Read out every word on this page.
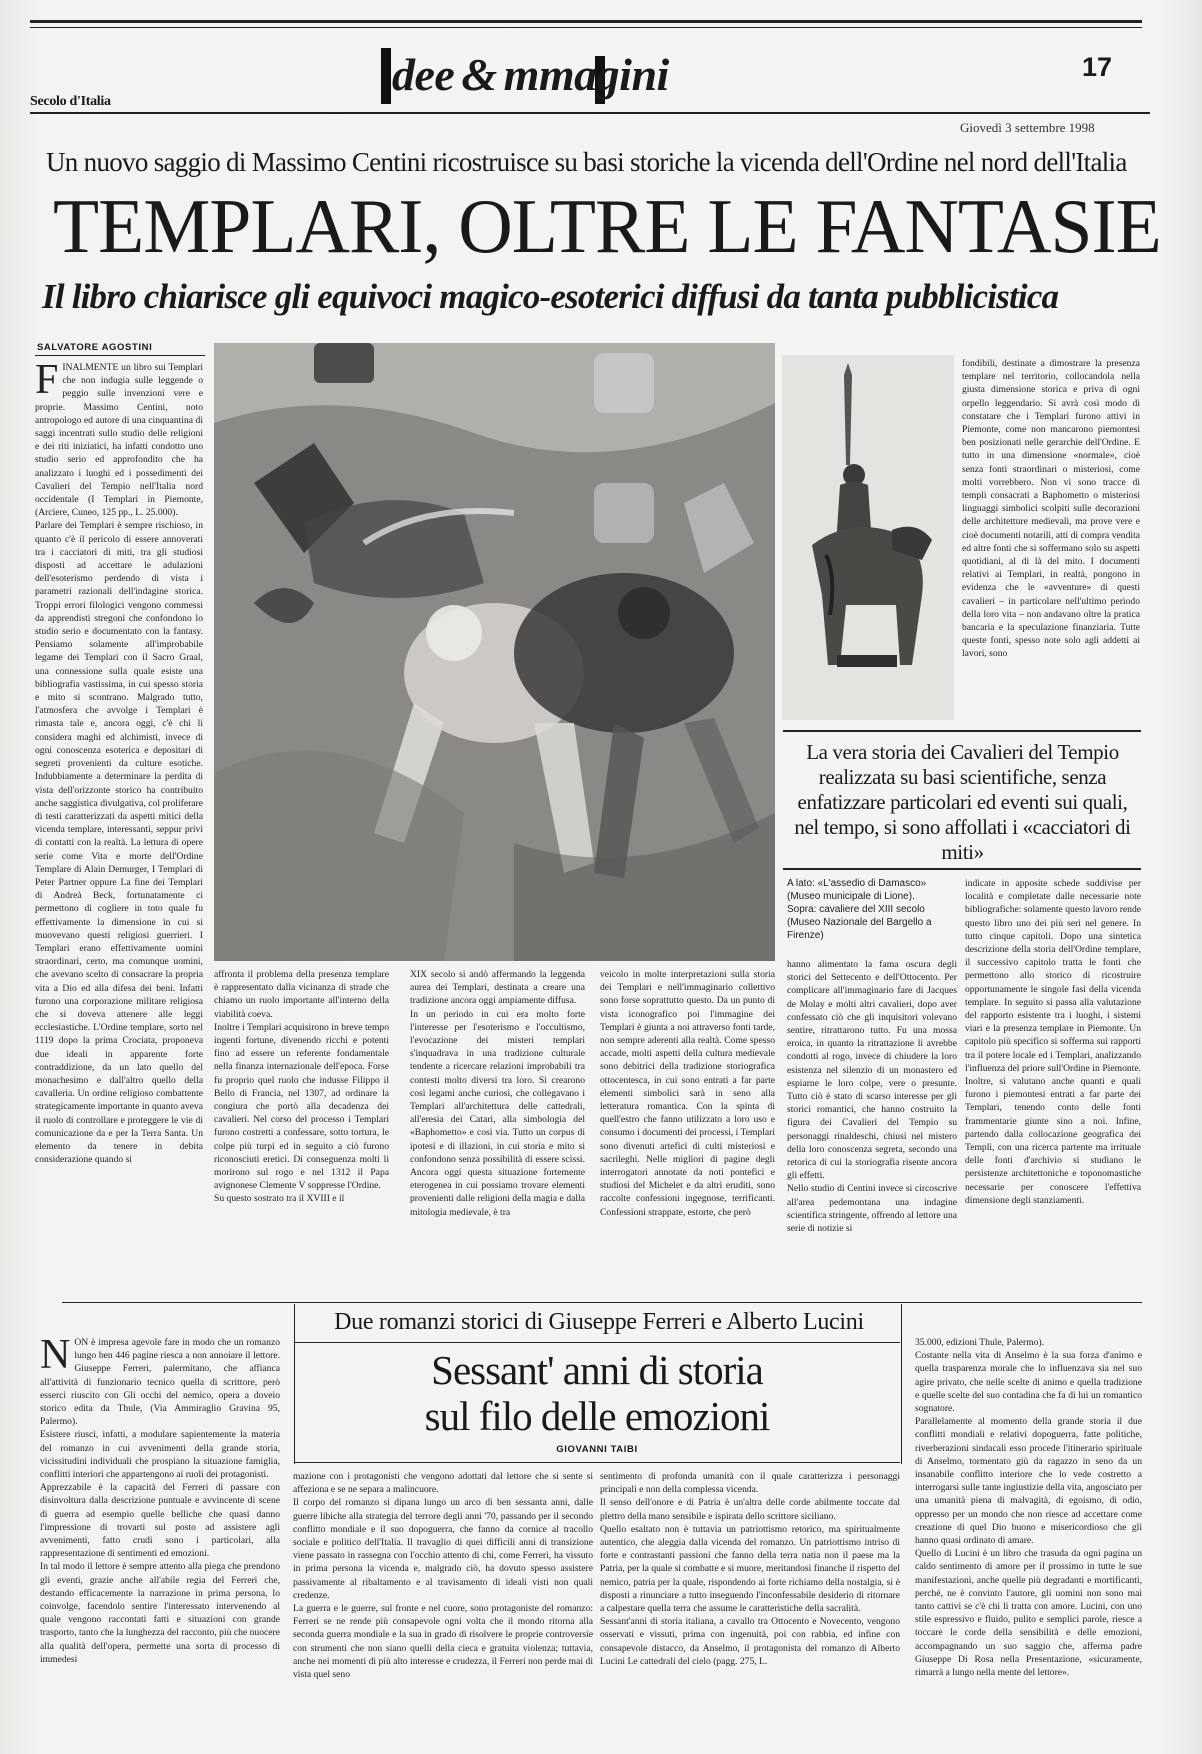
Secolo d'Italia
dee & mmagini	17
Giovedì 3 settembre 1998
Un nuovo saggio di Massimo Centini ricostruisce su basi storiche la vicenda dell'Ordine nel nord dell'Italia
TEMPLARI, OLTRE LE FANTASIE
Il libro chiarisce gli equivoci magico-esoterici diffusi da tanta pubblicistica
SALVATORE AGOSTINI
FINALMENTE un libro sui Templari che non indugia sulle leggende o peggio sulle invenzioni vere e proprie. Massimo Centini, noto antropologo ed autore di una cinquantina di saggi incentrati sullo studio delle religioni e dei riti iniziatici, ha infatti condotto uno studio serio ed approfondito che ha analizzato i luoghi ed i possedimenti dei Cavalieri del Tempio nell'Italia nord occidentale (I Templari in Piemonte, (Arciere, Cuneo, 125 pp., L. 25.000).
Parlare dei Templari è sempre rischioso, in quanto c'è il pericolo di essere annoverati tra i cacciatori di miti, tra gli studiosi disposti ad accettare le adulazioni dell'esoterismo perdendo di vista i parametri razionali dell'indagine storica. Troppi errori filologici vengono commessi da apprendisti stregoni che confondono lo studio serio e documentato con la fantasy. Pensiamo solamente all'improbabile legame dei Templari con il Sacro Graal, una connessione sulla quale esiste una bibliografia vastissima, in cui spesso storia e mito si scontrano. Malgrado tutto, l'atmosfera che avvolge i Templari è rimasta tale e, ancora oggi, c'è chi li considera maghi ed alchimisti, invece di ogni conoscenza esoterica e depositari di segreti provenienti da culture esotiche. Indubbiamente a determinare la perdita di vista dell'orizzonte storico ha contribuito anche saggistica divulgativa, col proliferare di testi caratterizzati da aspetti mitici della vicenda templare, interessanti, seppur privi di contatti con la realtà. La lettura di opere serie come Vita e morte dell'Ordine Templare di Alain Demurger, I Templari di Peter Partner oppure La fine dei Templari di Andreà Beck, fortunatamente ci permettono di cogliere in toto quale fu effettivamente la dimensione in cui si muovevano questi religiosi guerrieri. I Templari erano effettivamente uomini straordinari, certo, ma comunque uomini, che avevano scelto di consacrare la propria vita a Dio ed alla difesa dei beni. Infatti furono una corporazione militare religiosa che si doveva attenere alle leggi ecclesiastiche. L'Ordine templare, sorto nel 1119 dopo la prima Crociata, proponeva due ideali in apparente forte contraddizione, da un lato quello del monachesimo e dall'altro quello della cavalleria. Un ordine religioso combattente strategicamente importante in quanto aveva il ruolo di controllare e proteggere le vie di comunicazione da e per la Terra Santa. Un elemento da tenere in debita considerazione quando si
fondibili, destinate a dimostrare la presenza templare nel territorio, collocandola nella giusta dimensione storica e priva di ogni orpello leggendario. Si avrà così modo di constatare che i Templari furono attivi in Piemonte, come non mancarono piemontesi ben posizionati nelle gerarchie dell'Ordine. E tutto in una dimensione «normale», cioè senza fonti straordinari o misteriosi, come molti vorrebbero. Non vi sono tracce di templi consacrati a Baphometto o misteriosi linguaggi simbolici scolpiti sulle decorazioni delle architetture medievali, ma prove vere e cioè documenti notarili, atti di compra vendita ed altre fonti che si soffermano solo su aspetti quotidiani, al di là del mito. I documenti relativi ai Templari, in realtà, pongono in evidenza che le «avventure» di questi cavalieri – in particolare nell'ultimo periodo della loro vita – non andavano oltre la pratica bancaria e la speculazione finanziaria. Tutte queste fonti, spesso note solo agli addetti ai lavori, sono
La vera storia dei Cavalieri del Tempio realizzata su basi scientifiche, senza enfatizzare particolari ed eventi sui quali, nel tempo, si sono affollati i «cacciatori di miti»
A lato: «L'assedio di Damasco» (Museo municipale di Lione).
Sopra: cavaliere del XIII secolo (Museo Nazionale del Bargello a Firenze)
affronta il problema della presenza templare è rappresentato dalla vicinanza di strade che chiamo un ruolo importante all'interno della viabilità coeva.
Inoltre i Templari acquisirono in breve tempo ingenti fortune, divenendo ricchi e potenti fino ad essere un referente fondamentale nella finanza internazionale dell'epoca. Forse fu proprio quel ruolo che indusse Filippo il Bello di Francia, nel 1307, ad ordinare la congiura che portò alla decadenza dei cavalieri. Nel corso del processo i Templari furono costretti a confessare, sotto tortura, le colpe più turpi ed in seguito a ciò furono riconosciuti eretici. Di conseguenza molti li morirono sul rogo e nel 1312 il Papa avignonese Clemente V soppresse l'Ordine.
Su questo sostrato tra il XVIII e il
XIX secolo si andò affermando la leggenda aurea dei Templari, destinata a creare una tradizione ancora oggi ampiamente diffusa.
In un periodo in cui era molto forte l'interesse per l'esoterismo e l'occultismo, l'evocazione dei misteri templari s'inquadrava in una tradizione culturale tendente a ricercare relazioni improbabili tra contesti molto diversi tra loro. Si crearono così legami anche curiosi, che collegavano i Templari all'architettura delle cattedrali, all'eresia dei Catari, alla simbologia del «Baphometto» e così via. Tutto un corpus di ipotesi e di illazioni, in cui storia e mito si confondono senza possibilità di essere scissi. Ancora oggi questa situazione fortemente eterogenea in cui possiamo trovare elementi provenienti dalle religioni della magia e dalla mitologia medievale, è tra
veicolo in molte interpretazioni sulla storia dei Templari e nell'immaginario collettivo sono forse soprattutto questo. Da un punto di vista iconografico poi l'immagine dei Templari è giunta a noi attraverso fonti tarde, non sempre aderenti alla realtà. Come spesso accade, molti aspetti della cultura medievale sono debitrici della tradizione storiografica ottocentesca, in cui sono entrati a far parte elementi simbolici sarà in seno alla letteratura romantica. Con la spinta di quell'estro che fanno utilizzato a loro uso e consumo i documenti dei processi, i Templari sono divenuti artefici di culti misteriosi e sacrileghi. Nelle migliori di pagine degli interrogatori annotate da noti pontefici e studiosi del Michelet e da altri eruditi, sono raccolte confessioni ingegnose, terrificanti. Confessioni strappate, estorte, che però
hanno alimentato la fama oscura degli storici del Settecento e dell'Ottocento. Per complicare all'immaginario fare di Jacques de Molay e molti altri cavalieri, dopo aver confessato ciò che gli inquisitori volevano sentire, ritrattarono tutto. Fu una mossa eroica, in quanto la ritrattazione li avrebbe condotti al rogo, invece di chiudere la loro esistenza nel silenzio di un monastero ed espiarne le loro colpe, vere o presunte. Tutto ciò è stato di scarso interesse per gli storici romantici, che hanno costruito la figura dei Cavalieri del Tempio su personaggi rinaldeschi, chiusi nel mistero della loro conoscenza segreta, secondo una retorica di cui la storiografia risente ancora gli effetti.
Nello studio di Centini invece si circoscrive all'area pedemontana una indagine scientifica stringente, offrendo al lettore una serie di notizie si
indicate in apposite schede suddivise per località e completate dalle necessarie note bibliografiche: solamente questo lavoro rende questo libro uno dei più seri nel genere. In tutto cinque capitoli. Dopo una sintetica descrizione della storia dell'Ordine templare, il successivo capitolo tratta le fonti che permettono allo storico di ricostruire opportunamente le singole fasi della vicenda templare. In seguito si passa alla valutazione del rapporto esistente tra i luoghi, i sistemi viari e la presenza templare in Piemonte. Un capitolo più specifico si sofferma sui rapporti tra il potere locale ed i Templari, analizzando l'influenza del priore sull'Ordine in Piemonte. Inoltre, si valutano anche quanti e quali furono i piemontesi entrati a far parte dei Templari, tenendo conto delle fonti frammentarie giunte sino a noi. Infine, partendo dalla collocazione geografica dei Templi, con una ricerca partente ma irrituale delle fonti d'archivio si studiano le persistenze architettoniche e toponomastiche necessarie per conoscere l'effettiva dimensione degli stanziamenti.
Due romanzi storici di Giuseppe Ferreri e Alberto Lucini
Sessant' anni di storia
sul filo delle emozioni
GIOVANNI TAIBI
NON è impresa agevole fare in modo che un romanzo lungo ben 446 pagine riesca a non annoiare il lettore. Giuseppe Ferreri, palermitano, che affianca all'attività di funzionario tecnico quella di scrittore, però esserci riuscito con Gli occhi del nemico, opera a doveio storico edita da Thule, (Via Ammiraglio Gravina 95, Palermo).
Esistere riuscì, infatti, a modulare sapientemente la materia del romanzo in cui avvenimenti della grande storia, vicissitudini individuali che prospiano la situazione famiglia, conflitti interiori che appartengono ai ruoli dei protagonisti.
Apprezzabile è la capacità del Ferreri di passare con disinvoltura dalla descrizione puntuale e avvincente di scene di guerra ad esempio quelle belliche che quasi danno l'impressione di trovarti sul posto ad assistere agli avvenimenti, fatto crudi sono i particolari, alla rappresentazione di sentimenti ed emozioni.
In tal modo il lettore è sempre attento alla piega che prendono gli eventi, grazie anche all'abile regia del Ferreri che, destando efficacemente la narrazione in prima persona, lo coinvolge, facendolo sentire l'interessato intervenendo al quale vengono raccontati fatti e situazioni con grande trasporto, tanto che la lunghezza del racconto, più che nuocere alla qualità dell'opera, permette una sorta di processo di immedesi
mazione con i protagonisti che vengono adottati dal lettore che si sente si affeziona e se ne separa a malincuore.
Il corpo del romanzo si dipana lungo un arco di ben sessanta anni, dalle guerre libiche alla strategia del terrore degli anni '70, passando per il secondo conflitto mondiale e il suo dopoguerra, che fanno da cornice al tracollo sociale e politico dell'Italia. Il travaglio di quei difficili anni di transizione viene passato in rassegna con l'occhio attento di chi, come Ferreri, ha vissuto in prima persona la vicenda e, malgrado ciò, ha dovuto spesso assistere passivamente al ribaltamento e al travisamento di ideali visti non quali credenze.
La guerra e le guerre, sul fronte e nel cuore, sono protagoniste del romanzo: Ferreri se ne rende più consapevole ogni volta che il mondo ritorna alla seconda guerra mondiale e la sua in grado di risolvere le proprie controversie con strumenti che non siano quelli della cieca e gratuita violenza; tuttavia, anche nei momenti di più alto interesse e crudezza, il Ferreri non perde mai di vista quel seno
sentimento di profonda umanità con il quale caratterizza i personaggi principali e non della complessa vicenda.
Il senso dell'onore e di Patria è un'altra delle corde abilmente toccate dal plettro della mano sensibile e ispirata dello scrittore siciliano.
Quello esaltato non è tuttavia un patriottismo retorico, ma spiritualmente autentico, che aleggia dalla vicenda del romanzo. Un patriottismo intriso di forte e contrastanti passioni che fanno della terra natia non il paese ma la Patria, per la quale si combatte e si muore, meritandosi finanche il rispetto del nemico, patria per la quale, rispondendo ai forte richiamo della nostalgia, si è disposti a rinunciare a tutto inseguendo l'inconfessabile desiderio di ritornare a calpestare quella terra che assume le caratteristiche della sacralità.
Sessant'anni di storia italiana, a cavallo tra Ottocento e Novecento, vengono osservati e vissuti, prima con ingenuità, poi con rabbia, ed infine con consapevole distacco, da Anselmo, il protagonista del romanzo di Alberto Lucini Le cattedrali del cielo (pagg. 275, L.
35.000, edizioni Thule, Palermo).
Costante nella vita di Anselmo è la sua forza d'animo e quella trasparenza morale che lo influenzava sia nel suo agire privato, che nelle scelte di animo e quella tradizione e quelle scelte del suo contadina che fa di lui un romantico sognatore.
Parallelamente al momento della grande storia il due conflitti mondiali e relativi dopoguerra, fatte politiche, riverberazioni sindacali esso procede l'itinerario spirituale di Anselmo, tormentato giù da ragazzo in seno da un insanabile conflitto interiore che lo vede costretto a interrogarsi sulle tante ingiustizie della vita, angosciato per una umanità piena di malvagità, di egoismo, di odio, oppresso per un mondo che non riesce ad accettare come creazione di quel Dio buono e misericordioso che gli hanno quasi ordinato di amare.
Quello di Lucini è un libro che trasuda da ogni pagina un caldo sentimento di amore per il prossimo in tutte le sue manifestazioni, anche quelle più degradanti e mortificanti, perché, ne è convinto l'autore, gli uomini non sono mai tanto cattivi se c'è chi li tratta con amore. Lucini, con uno stile espressivo e fluido, pulito e semplici parole, riesce a toccare le corde della sensibilità e delle emozioni, accompagnando un suo saggio che, afferma padre Giuseppe Di Rosa nella Presentazione, «sicuramente, rimarrà a lungo nella mente del lettore».
